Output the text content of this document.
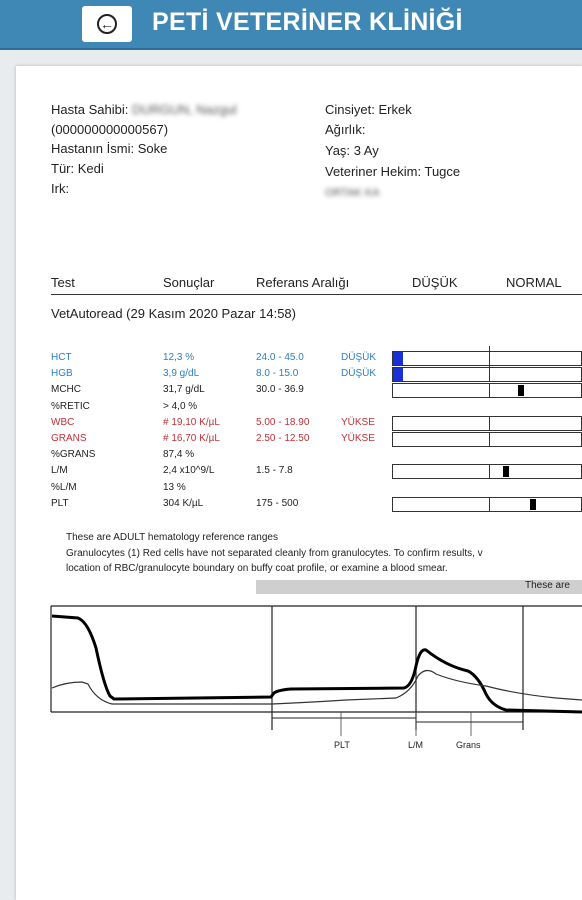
← PETİ VETERİNER KLİNİĞİ
Hasta Sahibi: DURGUN, Nazgul
(000000000000567)
Hastanın İsmi: Soke
Tür: Kedi
Irk:
Cinsiyet: Erkek
Ağırlık:
Yaş: 3 Ay
Veteriner Hekim: Tugce
ORTAK KA
Test	Sonuçlar	Referans Aralığı	DÜŞÜK	NORMAL
VetAutoread (29 Kasım 2020 Pazar 14:58)
HCT	12,3 %	24.0 - 45.0	DÜŞÜK
HGB	3,9 g/dL	8.0 - 15.0	DÜŞÜK
MCHC	31,7 g/dL	30.0 - 36.9
%RETIC	> 4,0 %
WBC	# 19,10 K/µL	5.00 - 18.90	YÜKSE
GRANS	# 16,70 K/µL	2.50 - 12.50	YÜKSE
%GRANS	87,4 %
L/M	2,4 x10^9/L	1.5 - 7.8
%L/M	13 %
PLT	304 K/µL	175 - 500
These are ADULT hematology reference ranges
Granulocytes (1) Red cells have not separated cleanly from granulocytes. To confirm results, v
location of RBC/granulocyte boundary on buffy coat profile, or examine a blood smear.
These are
PLT	L/M	Grans
